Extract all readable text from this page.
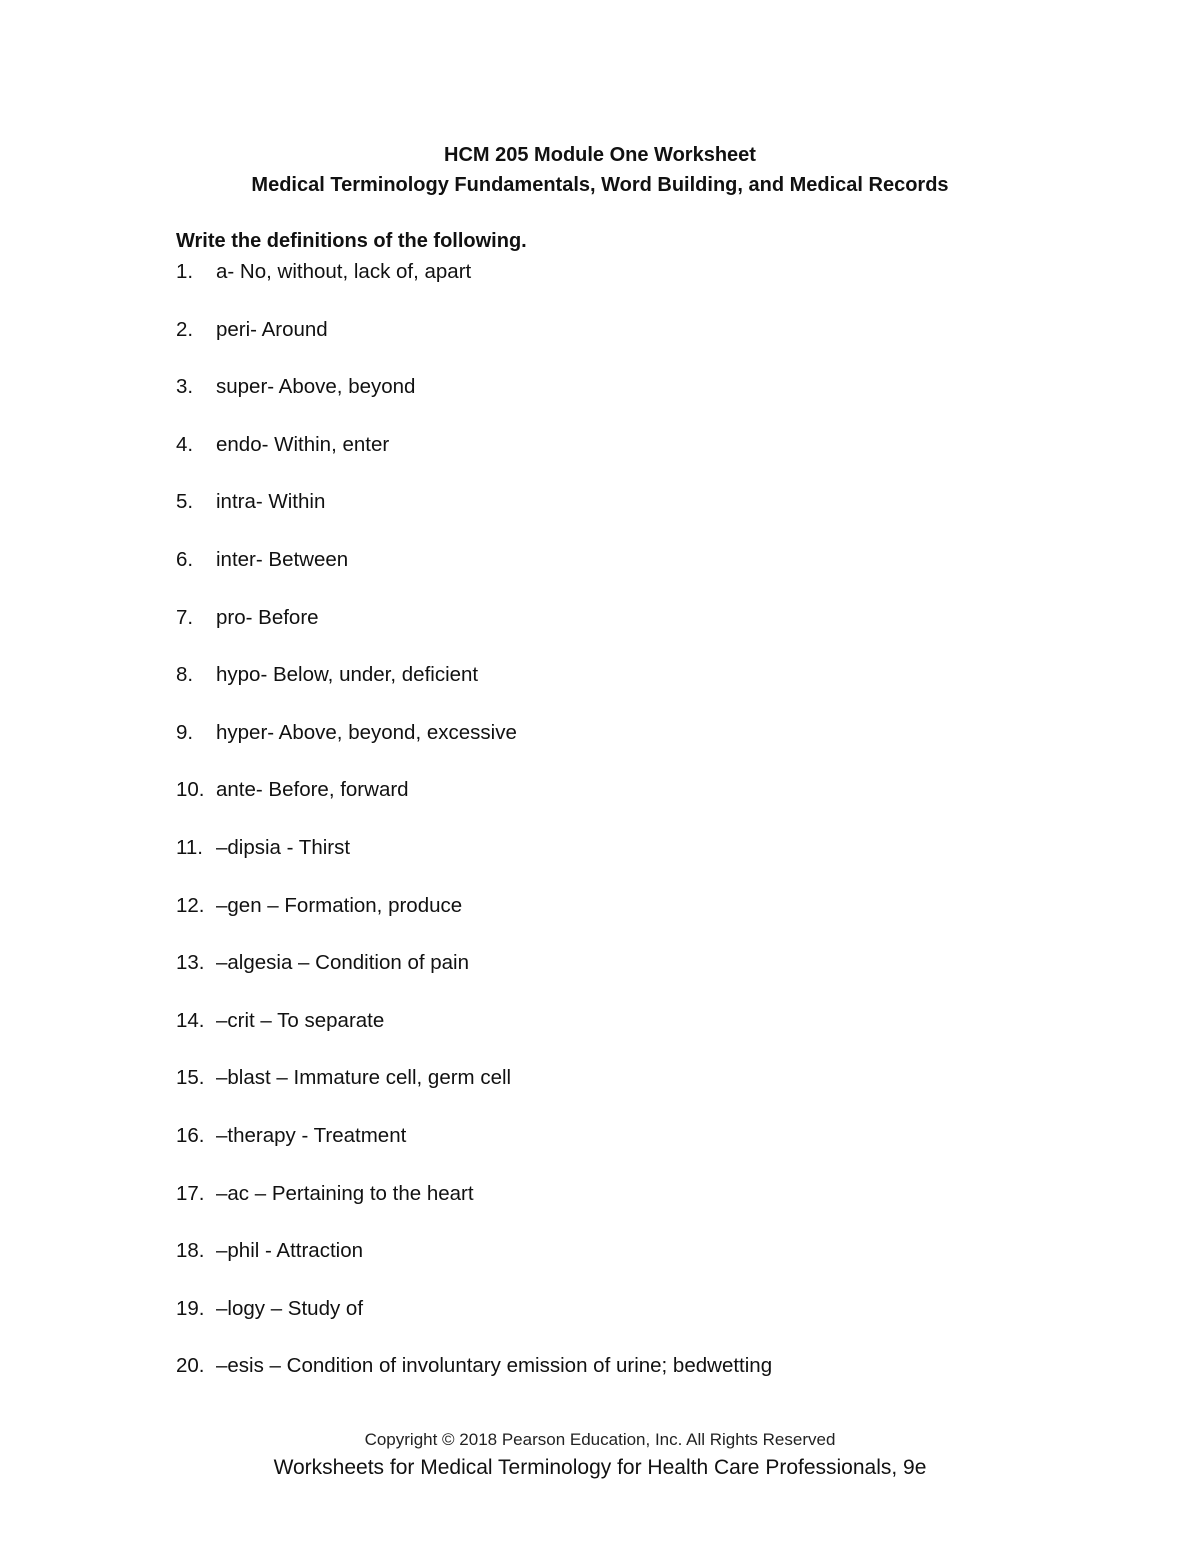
HCM 205 Module One Worksheet
Medical Terminology Fundamentals, Word Building, and Medical Records
Write the definitions of the following.
1. a- No, without, lack of, apart
2. peri- Around
3. super- Above, beyond
4. endo- Within, enter
5. intra- Within
6. inter- Between
7. pro- Before
8. hypo- Below, under, deficient
9. hyper- Above, beyond, excessive
10. ante- Before, forward
11. –dipsia - Thirst
12. –gen – Formation, produce
13. –algesia – Condition of pain
14. –crit – To separate
15. –blast – Immature cell, germ cell
16. –therapy - Treatment
17. –ac – Pertaining to the heart
18. –phil - Attraction
19. –logy – Study of
20. –esis – Condition of involuntary emission of urine; bedwetting
Copyright © 2018 Pearson Education, Inc. All Rights Reserved
Worksheets for Medical Terminology for Health Care Professionals, 9e
